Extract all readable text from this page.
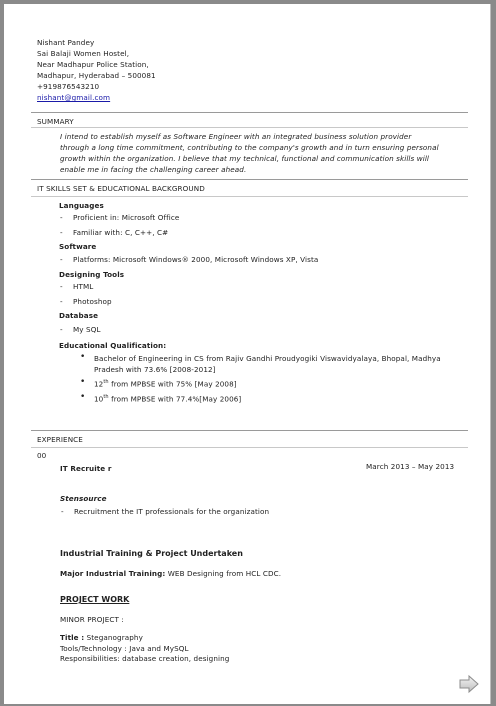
Nishant Pandey
Sai Balaji Women Hostel,
Near Madhapur Police Station,
Madhapur, Hyderabad – 500081
+919876543210
nishant@gmail.com
SUMMARY
I intend to establish myself as Software Engineer with an integrated business solution provider
through a long time commitment, contributing to the company's growth and in turn ensuring personal
growth within the organization. I believe that my technical, functional and communication skills will
enable me in facing the challenging career ahead.
IT SKILLS SET & EDUCATIONAL BACKGROUND
Languages
- Proficient in: Microsoft Office
- Familiar with: C, C++, C#
Software
- Platforms: Microsoft Windows® 2000, Microsoft Windows XP, Vista
Designing Tools
- HTML
- Photoshop
Database
- My SQL
Educational Qualification:
• Bachelor of Engineering in CS from Rajiv Gandhi Proudyogiki Viswavidyalaya, Bhopal, Madhya
Pradesh with 73.6% [2008-2012]
• 12th from MPBSE with 75% [May 2008]
• 10th from MPBSE with 77.4%[May 2006]
EXPERIENCE
00
IT Recruite r	March 2013 – May 2013
Stensource
- Recruitment the IT professionals for the organization
Industrial Training & Project Undertaken
Major Industrial Training: WEB Designing from HCL CDC.
PROJECT WORK
MINOR PROJECT :
Title : Steganography
Tools/Technology : Java and MySQL
Responsibilities: database creation, designing
